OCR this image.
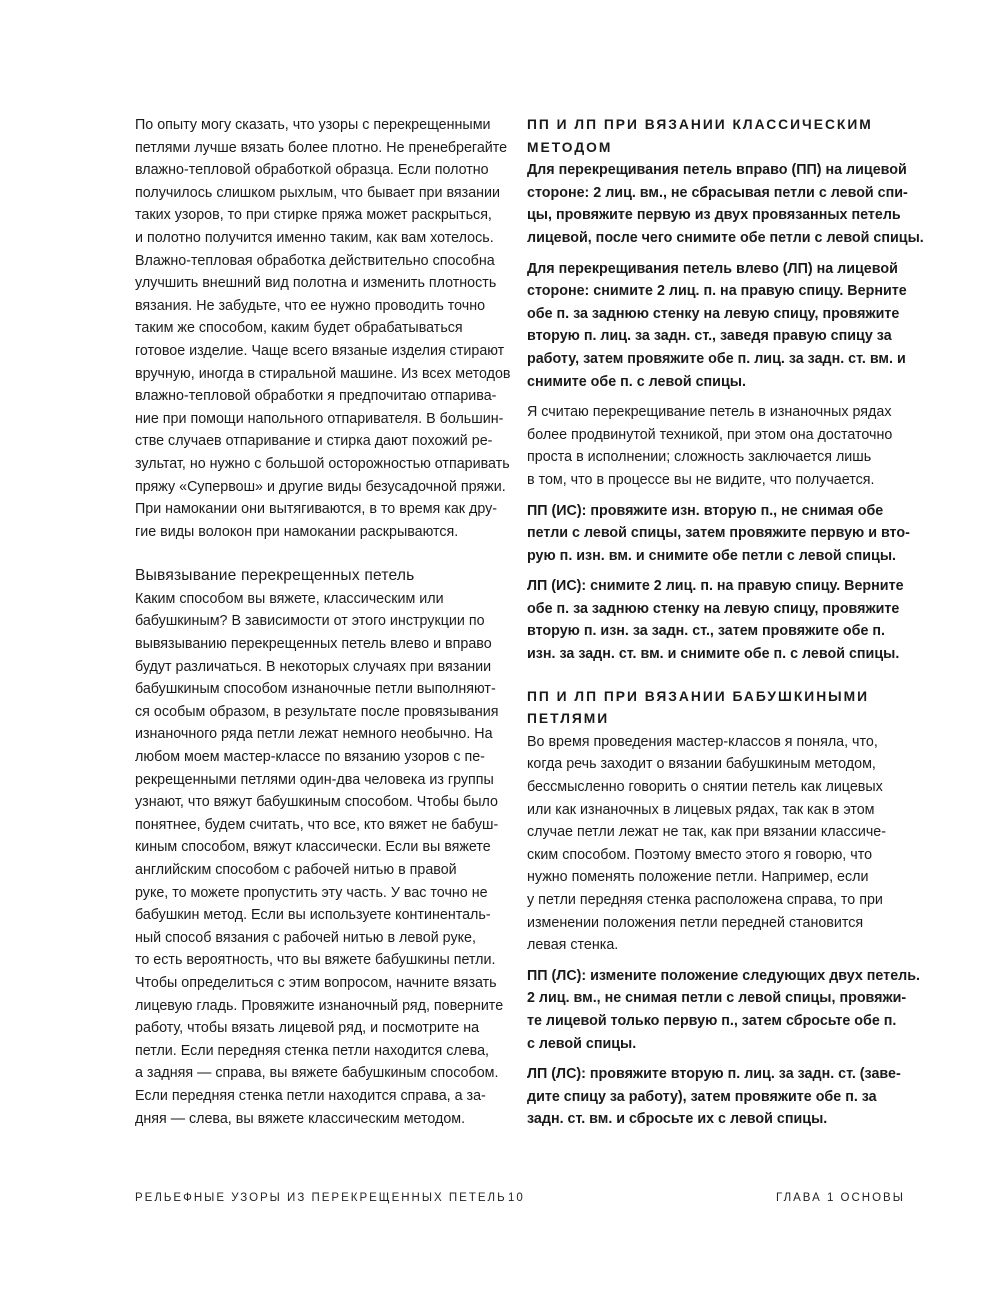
По опыту могу сказать, что узоры с перекрещенными
петлями лучше вязать более плотно. Не пренебрегайте
влажно-тепловой обработкой образца. Если полотно
получилось слишком рыхлым, что бывает при вязании
таких узоров, то при стирке пряжа может раскрыться,
и полотно получится именно таким, как вам хотелось.
Влажно-тепловая обработка действительно способна
улучшить внешний вид полотна и изменить плотность
вязания. Не забудьте, что ее нужно проводить точно
таким же способом, каким будет обрабатываться
готовое изделие. Чаще всего вязаные изделия стирают
вручную, иногда в стиральной машине. Из всех методов
влажно-тепловой обработки я предпочитаю отпарива-
ние при помощи напольного отпаривателя. В большин-
стве случаев отпаривание и стирка дают похожий ре-
зультат, но нужно с большой осторожностью отпаривать
пряжу «Супервош» и другие виды безусадочной пряжи.
При намокании они вытягиваются, в то время как дру-
гие виды волокон при намокании раскрываются.

Вывязывание перекрещенных петель

Каким способом вы вяжете, классическим или
бабушкиным? В зависимости от этого инструкции по
вывязыванию перекрещенных петель влево и вправо
будут различаться. В некоторых случаях при вязании
бабушкиным способом изнаночные петли выполняют-
ся особым образом, в результате после провязывания
изнаночного ряда петли лежат немного необычно. На
любом моем мастер-классе по вязанию узоров с пе-
рекрещенными петлями один-два человека из группы
узнают, что вяжут бабушкиным способом. Чтобы было
понятнее, будем считать, что все, кто вяжет не бабуш-
киным способом, вяжут классически. Если вы вяжете
английским способом с рабочей нитью в правой
руке, то можете пропустить эту часть. У вас точно не
бабушкин метод. Если вы используете континенталь-
ный способ вязания с рабочей нитью в левой руке,
то есть вероятность, что вы вяжете бабушкины петли.
Чтобы определиться с этим вопросом, начните вязать
лицевую гладь. Провяжите изнаночный ряд, поверните
работу, чтобы вязать лицевой ряд, и посмотрите на
петли. Если передняя стенка петли находится слева,
а задняя — справа, вы вяжете бабушкиным способом.
Если передняя стенка петли находится справа, а за-
дняя — слева, вы вяжете классическим методом.

ПП И ЛП ПРИ ВЯЗАНИИ КЛАССИЧЕСКИМ
МЕТОДОМ

Для перекрещивания петель вправо (ПП) на лицевой
стороне: 2 лиц. вм., не сбрасывая петли с левой спи-
цы, провяжите первую из двух провязанных петель
лицевой, после чего снимите обе петли с левой спицы.

Для перекрещивания петель влево (ЛП) на лицевой
стороне: снимите 2 лиц. п. на правую спицу. Верните
обе п. за заднюю стенку на левую спицу, провяжите
вторую п. лиц. за задн. ст., заведя правую спицу за
работу, затем провяжите обе п. лиц. за задн. ст. вм. и
снимите обе п. с левой спицы.

Я считаю перекрещивание петель в изнаночных рядах
более продвинутой техникой, при этом она достаточно
проста в исполнении; сложность заключается лишь
в том, что в процессе вы не видите, что получается.

ПП (ИС): провяжите изн. вторую п., не снимая обе
петли с левой спицы, затем провяжите первую и вто-
рую п. изн. вм. и снимите обе петли с левой спицы.

ЛП (ИС): снимите 2 лиц. п. на правую спицу. Верните
обе п. за заднюю стенку на левую спицу, провяжите
вторую п. изн. за задн. ст., затем провяжите обе п.
изн. за задн. ст. вм. и снимите обе п. с левой спицы.

ПП И ЛП ПРИ ВЯЗАНИИ БАБУШКИНЫМИ
ПЕТЛЯМИ

Во время проведения мастер-классов я поняла, что,
когда речь заходит о вязании бабушкиным методом,
бессмысленно говорить о снятии петель как лицевых
или как изнаночных в лицевых рядах, так как в этом
случае петли лежат не так, как при вязании классиче-
ским способом. Поэтому вместо этого я говорю, что
нужно поменять положение петли. Например, если
у петли передняя стенка расположена справа, то при
изменении положения петли передней становится
левая стенка.

ПП (ЛС): измените положение следующих двух петель.
2 лиц. вм., не снимая петли с левой спицы, провяжи-
те лицевой только первую п., затем сбросьте обе п.
с левой спицы.

ЛП (ЛС): провяжите вторую п. лиц. за задн. ст. (заве-
дите спицу за работу), затем провяжите обе п. за
задн. ст. вм. и сбросьте их с левой спицы.

РЕЛЬЕФНЫЕ УЗОРЫ ИЗ ПЕРЕКРЕЩЕННЫХ ПЕТЕЛЬ 10	ГЛАВА 1 ОСНОВЫ
